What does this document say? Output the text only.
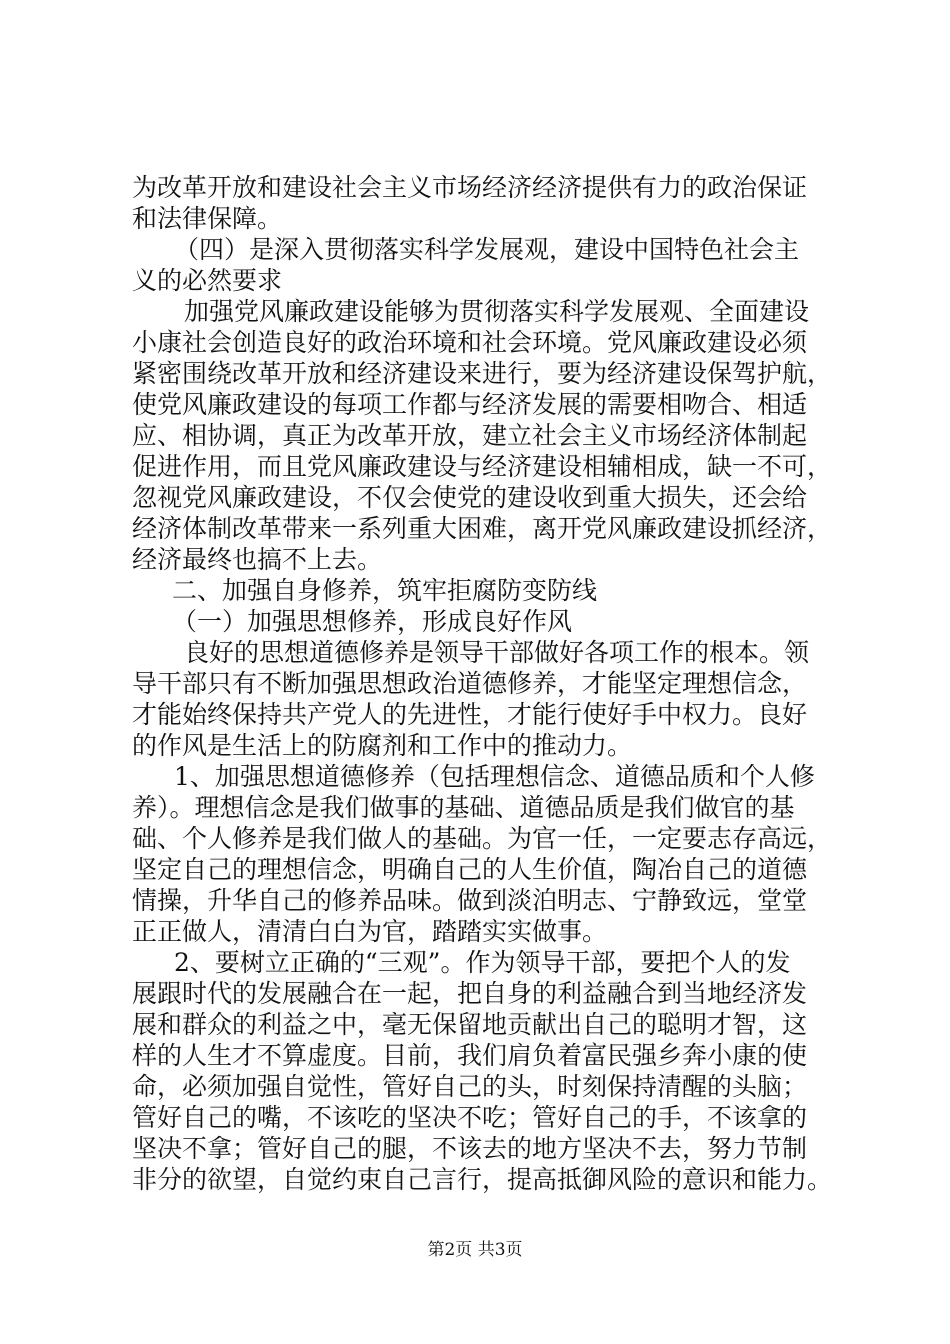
为改革开放和建设社会主义市场经济经济提供有力的政治保证
和法律保障。
（四）是深入贯彻落实科学发展观，建设中国特色社会主
义的必然要求
加强党风廉政建设能够为贯彻落实科学发展观、全面建设
小康社会创造良好的政治环境和社会环境。党风廉政建设必须
紧密围绕改革开放和经济建设来进行，要为经济建设保驾护航，
使党风廉政建设的每项工作都与经济发展的需要相吻合、相适
应、相协调，真正为改革开放，建立社会主义市场经济体制起
促进作用，而且党风廉政建设与经济建设相辅相成，缺一不可，
忽视党风廉政建设，不仅会使党的建设收到重大损失，还会给
经济体制改革带来一系列重大困难，离开党风廉政建设抓经济，
经济最终也搞不上去。
二、加强自身修养，筑牢拒腐防变防线
（一）加强思想修养，形成良好作风
良好的思想道德修养是领导干部做好各项工作的根本。领
导干部只有不断加强思想政治道德修养，才能坚定理想信念，
才能始终保持共产党人的先进性，才能行使好手中权力。良好
的作风是生活上的防腐剂和工作中的推动力。
1、加强思想道德修养（包括理想信念、道德品质和个人修
养）。理想信念是我们做事的基础、道德品质是我们做官的基
础、个人修养是我们做人的基础。为官一任，一定要志存高远，
坚定自己的理想信念，明确自己的人生价值，陶冶自己的道德
情操，升华自己的修养品味。做到淡泊明志、宁静致远，堂堂
正正做人，清清白白为官，踏踏实实做事。
2、要树立正确的“三观”。作为领导干部，要把个人的发
展跟时代的发展融合在一起，把自身的利益融合到当地经济发
展和群众的利益之中，毫无保留地贡献出自己的聪明才智，这
样的人生才不算虚度。目前，我们肩负着富民强乡奔小康的使
命，必须加强自觉性，管好自己的头，时刻保持清醒的头脑；
管好自己的嘴，不该吃的坚决不吃；管好自己的手，不该拿的
坚决不拿；管好自己的腿，不该去的地方坚决不去，努力节制
非分的欲望，自觉约束自己言行，提高抵御风险的意识和能力。
第2页 共3页
